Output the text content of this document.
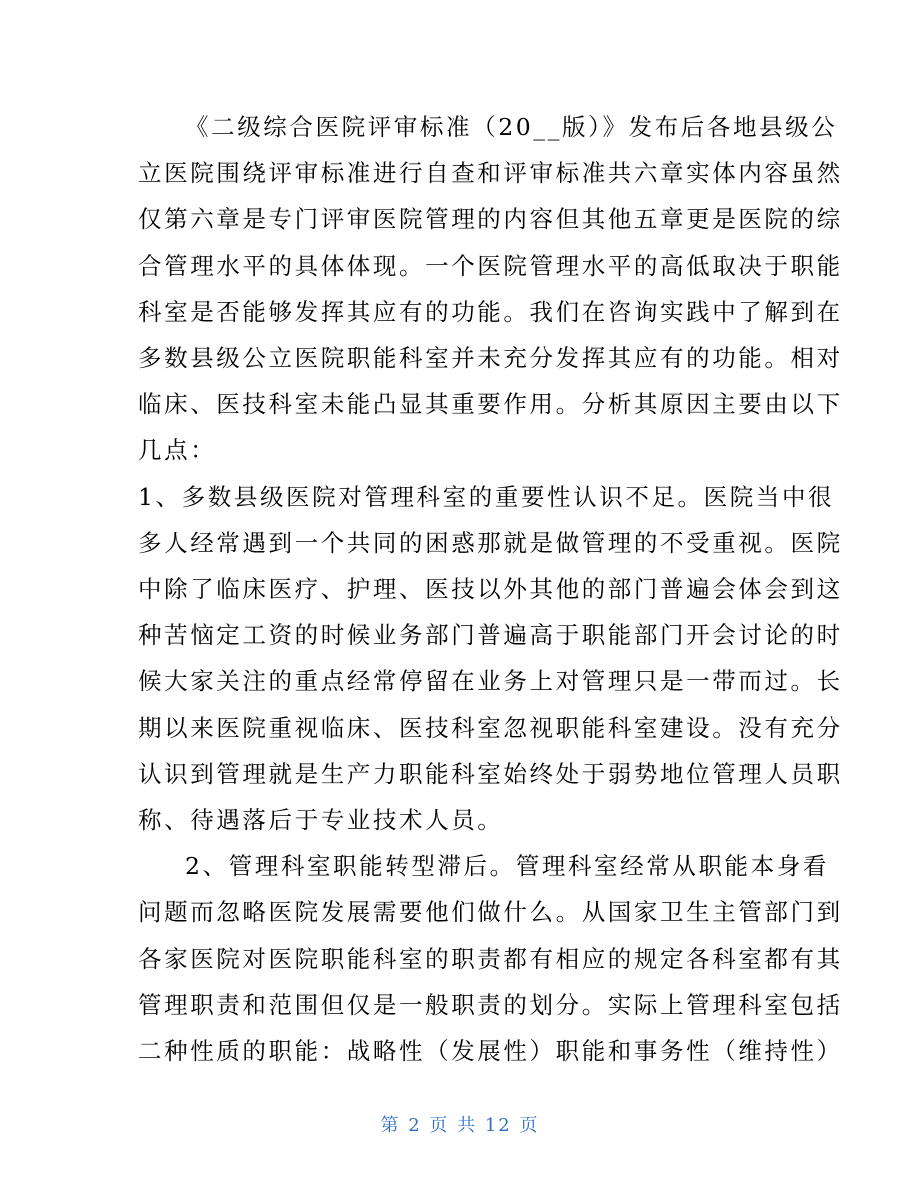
《二级综合医院评审标准（20__版）》发布后各地县级公
立医院围绕评审标准进行自查和评审标准共六章实体内容虽然
仅第六章是专门评审医院管理的内容但其他五章更是医院的综
合管理水平的具体体现。一个医院管理水平的高低取决于职能
科室是否能够发挥其应有的功能。我们在咨询实践中了解到在
多数县级公立医院职能科室并未充分发挥其应有的功能。相对
临床、医技科室未能凸显其重要作用。分析其原因主要由以下
几点：
1、多数县级医院对管理科室的重要性认识不足。医院当中很
多人经常遇到一个共同的困惑那就是做管理的不受重视。医院
中除了临床医疗、护理、医技以外其他的部门普遍会体会到这
种苦恼定工资的时候业务部门普遍高于职能部门开会讨论的时
候大家关注的重点经常停留在业务上对管理只是一带而过。长
期以来医院重视临床、医技科室忽视职能科室建设。没有充分
认识到管理就是生产力职能科室始终处于弱势地位管理人员职
称、待遇落后于专业技术人员。
2、管理科室职能转型滞后。管理科室经常从职能本身看
问题而忽略医院发展需要他们做什么。从国家卫生主管部门到
各家医院对医院职能科室的职责都有相应的规定各科室都有其
管理职责和范围但仅是一般职责的划分。实际上管理科室包括
二种性质的职能：战略性（发展性）职能和事务性（维持性）
第 2 页 共 12 页
